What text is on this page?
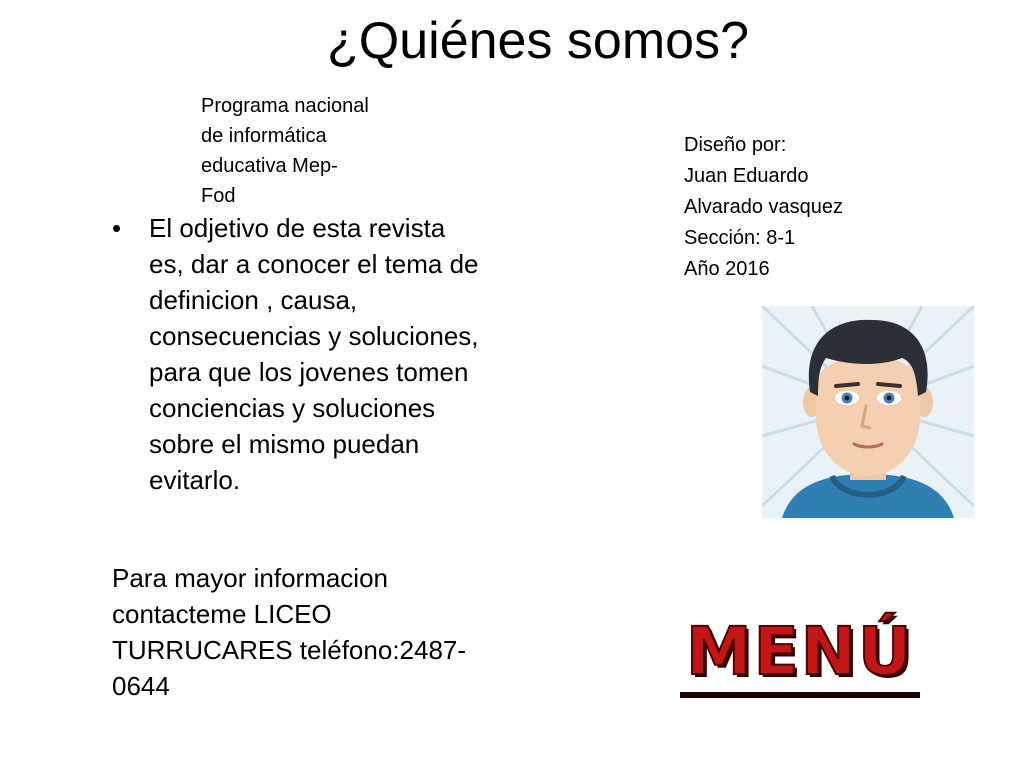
¿Quiénes somos?
Programa nacional
de informática
educativa Mep-
Fod
Diseño por:
Juan Eduardo
Alvarado vasquez
Sección: 8-1
Año 2016
•	El odjetivo de esta revista
es, dar a conocer el tema de
definicion , causa,
consecuencias y soluciones,
para que los jovenes tomen
conciencias y soluciones
sobre el mismo puedan
evitarlo.
Para mayor informacion
contacteme LICEO
TURRUCARES teléfono:2487-
0644	MENÚ
